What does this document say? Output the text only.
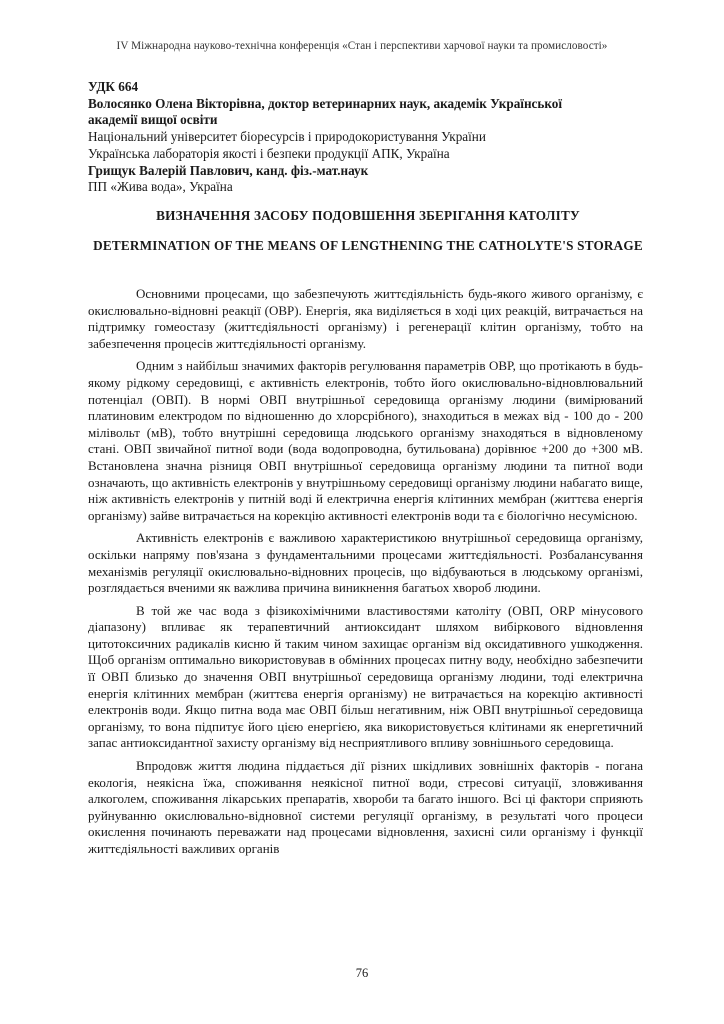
IV Міжнародна науково-технічна конференція «Стан і перспективи харчової науки та промисловості»
УДК 664
Волосянко Олена Вікторівна, доктор ветеринарних наук, академік Української
академії вищої освіти
Національний університет біоресурсів і природокористування України
Українська лабораторія якості і безпеки продукції АПК, Україна
Грищук Валерій Павлович, канд. фіз.-мат.наук
ПП «Жива вода», Україна
ВИЗНАЧЕННЯ ЗАСОБУ ПОДОВШЕННЯ ЗБЕРІГАННЯ КАТОЛІТУ
DETERMINATION OF THE MEANS OF LENGTHENING THE CATHOLYTE'S STORAGE

Основними процесами, що забезпечують життєдіяльність будь-якого живого організму, є окислювально-відновні реакції (ОВР). Енергія, яка виділяється в ході цих реакцій, витрачається на підтримку гомеостазу (життєдіяльності організму) і регенерації клітин організму, тобто на забезпечення процесів життєдіяльності організму.

Одним з найбільш значимих факторів регулювання параметрів ОВР, що протікають в будь-якому рідкому середовищі, є активність електронів, тобто його окислювально-відновлювальний потенціал (ОВП). В нормі ОВП внутрішньої середовища організму людини (вимірюваний платиновим електродом по відношенню до хлорсрібного), знаходиться в межах від - 100 до - 200 мілівольт (мВ), тобто внутрішні середовища людського організму знаходяться в відновленому стані. ОВП звичайної питної води (вода водопроводна, бутильована) дорівнює +200 до +300 мВ. Встановлена значна різниця ОВП внутрішньої середовища організму людини та питної води означають, що активність електронів у внутрішньому середовищі організму людини набагато вище, ніж активність електронів у питній воді й електрична енергія клітинних мембран (життєва енергія організму) зайве витрачається на корекцію активності електронів води та є біологічно несумісною.

Активність електронів є важливою характеристикою внутрішньої середовища організму, оскільки напряму пов'язана з фундаментальними процесами життєдіяльності. Розбалансування механізмів регуляції окислювально-відновних процесів, що відбуваються в людському організмі, розглядається вченими як важлива причина виникнення багатьох хвороб людини.

В той же час вода з фізикохімічними властивостями католіту (ОВП, ORP мінусового діапазону) впливає як терапевтичний антиоксидант шляхом вибіркового відновлення цитотоксичних радикалів кисню й таким чином захищає організм від оксидативного ушкодження. Щоб організм оптимально використовував в обмінних процесах питну воду, необхідно забезпечити її ОВП близько до значення ОВП внутрішньої середовища організму людини, тоді електрична енергія клітинних мембран (життєва енергія організму) не витрачається на корекцію активності електронів води. Якщо питна вода має ОВП більш негативним, ніж ОВП внутрішньої середовища організму, то вона підпитує його цією енергією, яка використовується клітинами як енергетичний запас антиоксидантної захисту організму від несприятливого впливу зовнішнього середовища.

Впродовж життя людина піддається дії різних шкідливих зовнішніх факторів - погана екологія, неякісна їжа, споживання неякісної питної води, стресові ситуації, зловживання алкоголем, споживання лікарських препаратів, хвороби та багато іншого. Всі ці фактори сприяють руйнуванню окислювально-відновної системи регуляції організму, в результаті чого процеси окислення починають переважати над процесами відновлення, захисні сили організму і функції життєдіяльності важливих органів

76
